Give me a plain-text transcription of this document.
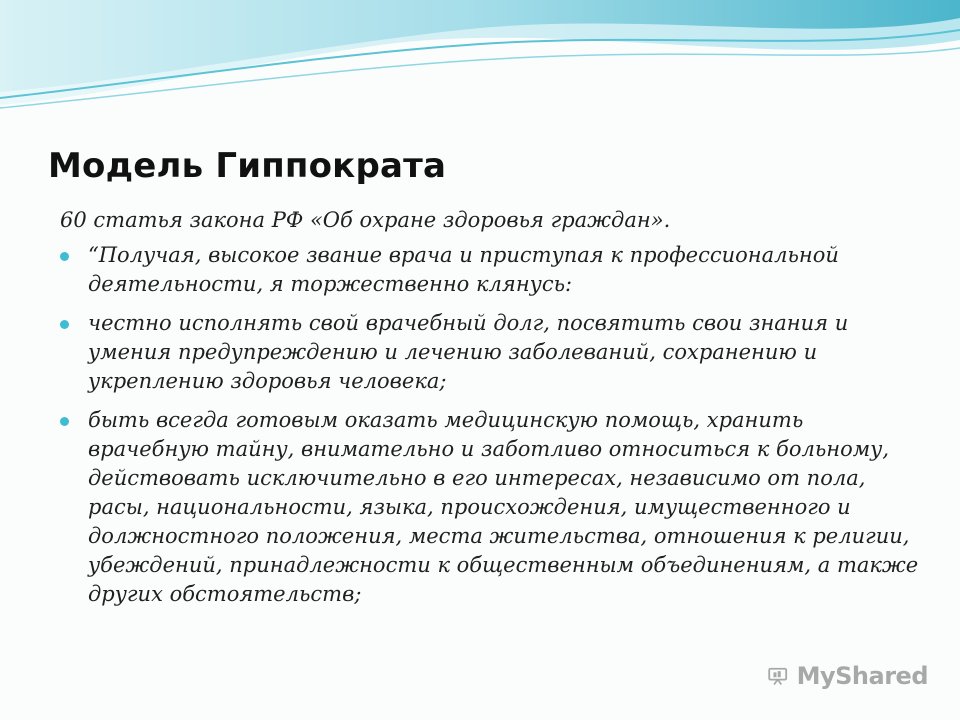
Модель Гиппократа

60 статья закона РФ «Об охране здоровья граждан».

“Получая, высокое звание врача и приступая к профессиональной деятельности, я торжественно клянусь:
честно исполнять свой врачебный долг, посвятить свои знания и умения предупреждению и лечению заболеваний, сохранению и укреплению здоровья человека;
быть всегда готовым оказать медицинскую помощь, хранить врачебную тайну, внимательно и заботливо относиться к больному, действовать исключительно в его интересах, независимо от пола, расы, национальности, языка, происхождения, имущественного и должностного положения, места жительства, отношения к религии, убеждений, принадлежности к общественным объединениям, а также других обстоятельств;
MyShared
